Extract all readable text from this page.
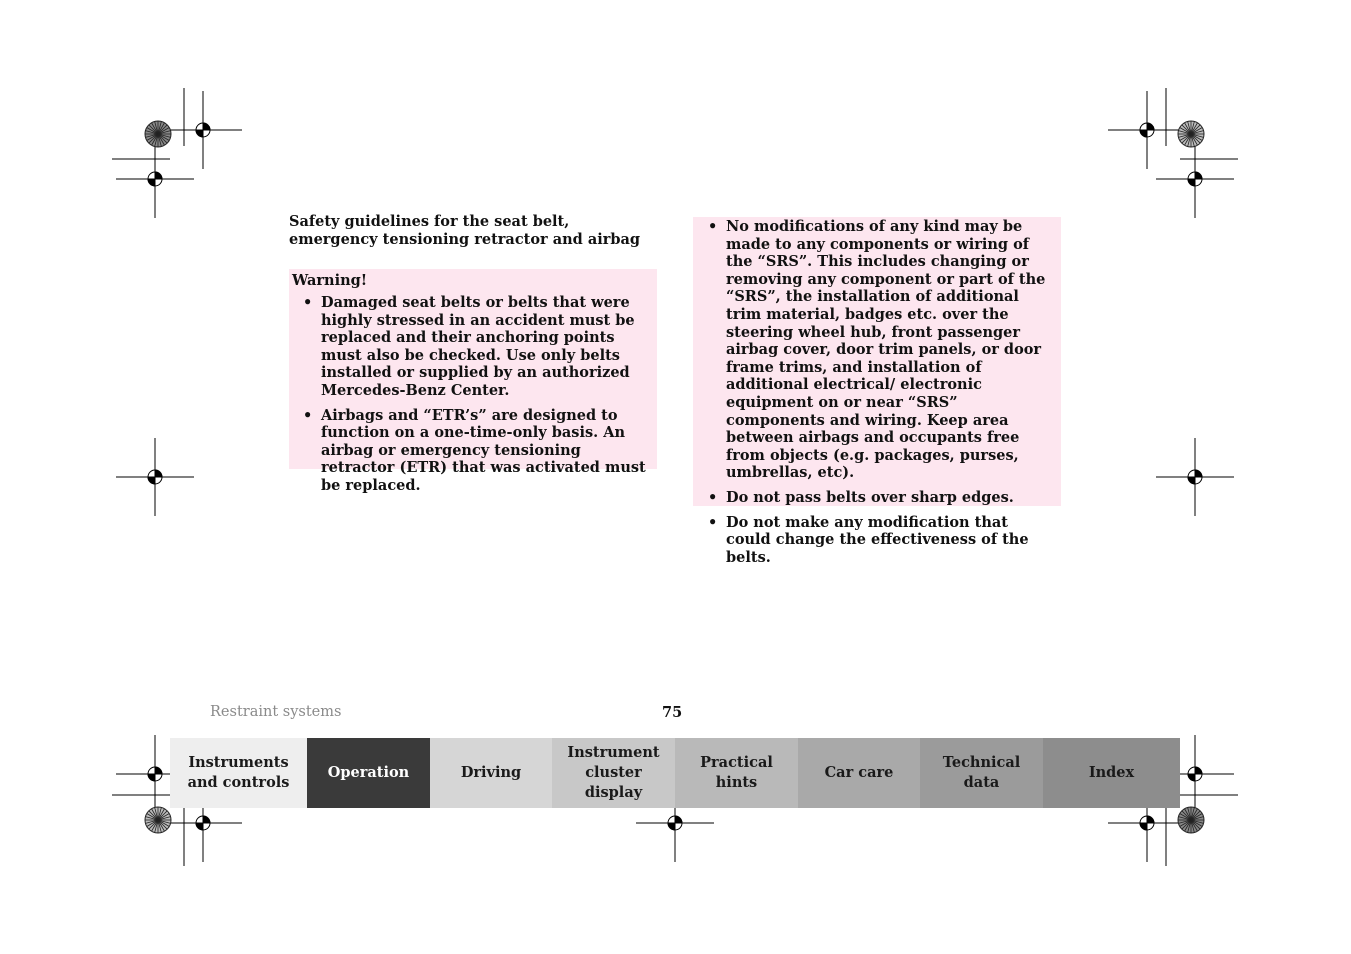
Safety guidelines for the seat belt, emergency tensioning retractor and airbag

Warning!

• Damaged seat belts or belts that were highly stressed in an accident must be replaced and their anchoring points must also be checked. Use only belts installed or supplied by an authorized Mercedes-Benz Center.
• Airbags and “ETR’s” are designed to function on a one-time-only basis. An airbag or emergency tensioning retractor (ETR) that was activated must be replaced.
• No modifications of any kind may be made to any components or wiring of the “SRS”. This includes changing or removing any component or part of the “SRS”, the installation of additional trim material, badges etc. over the steering wheel hub, front passenger airbag cover, door trim panels, or door frame trims, and installation of additional electrical/ electronic equipment on or near “SRS” components and wiring. Keep area between airbags and occupants free from objects (e.g. packages, purses, umbrellas, etc).
• Do not pass belts over sharp edges.
• Do not make any modification that could change the effectiveness of the belts.
Restraint systems	75
Instruments
and controls
Operation	Driving
Instrument
cluster display
Practical hints
Car care
Technical
data
Index
